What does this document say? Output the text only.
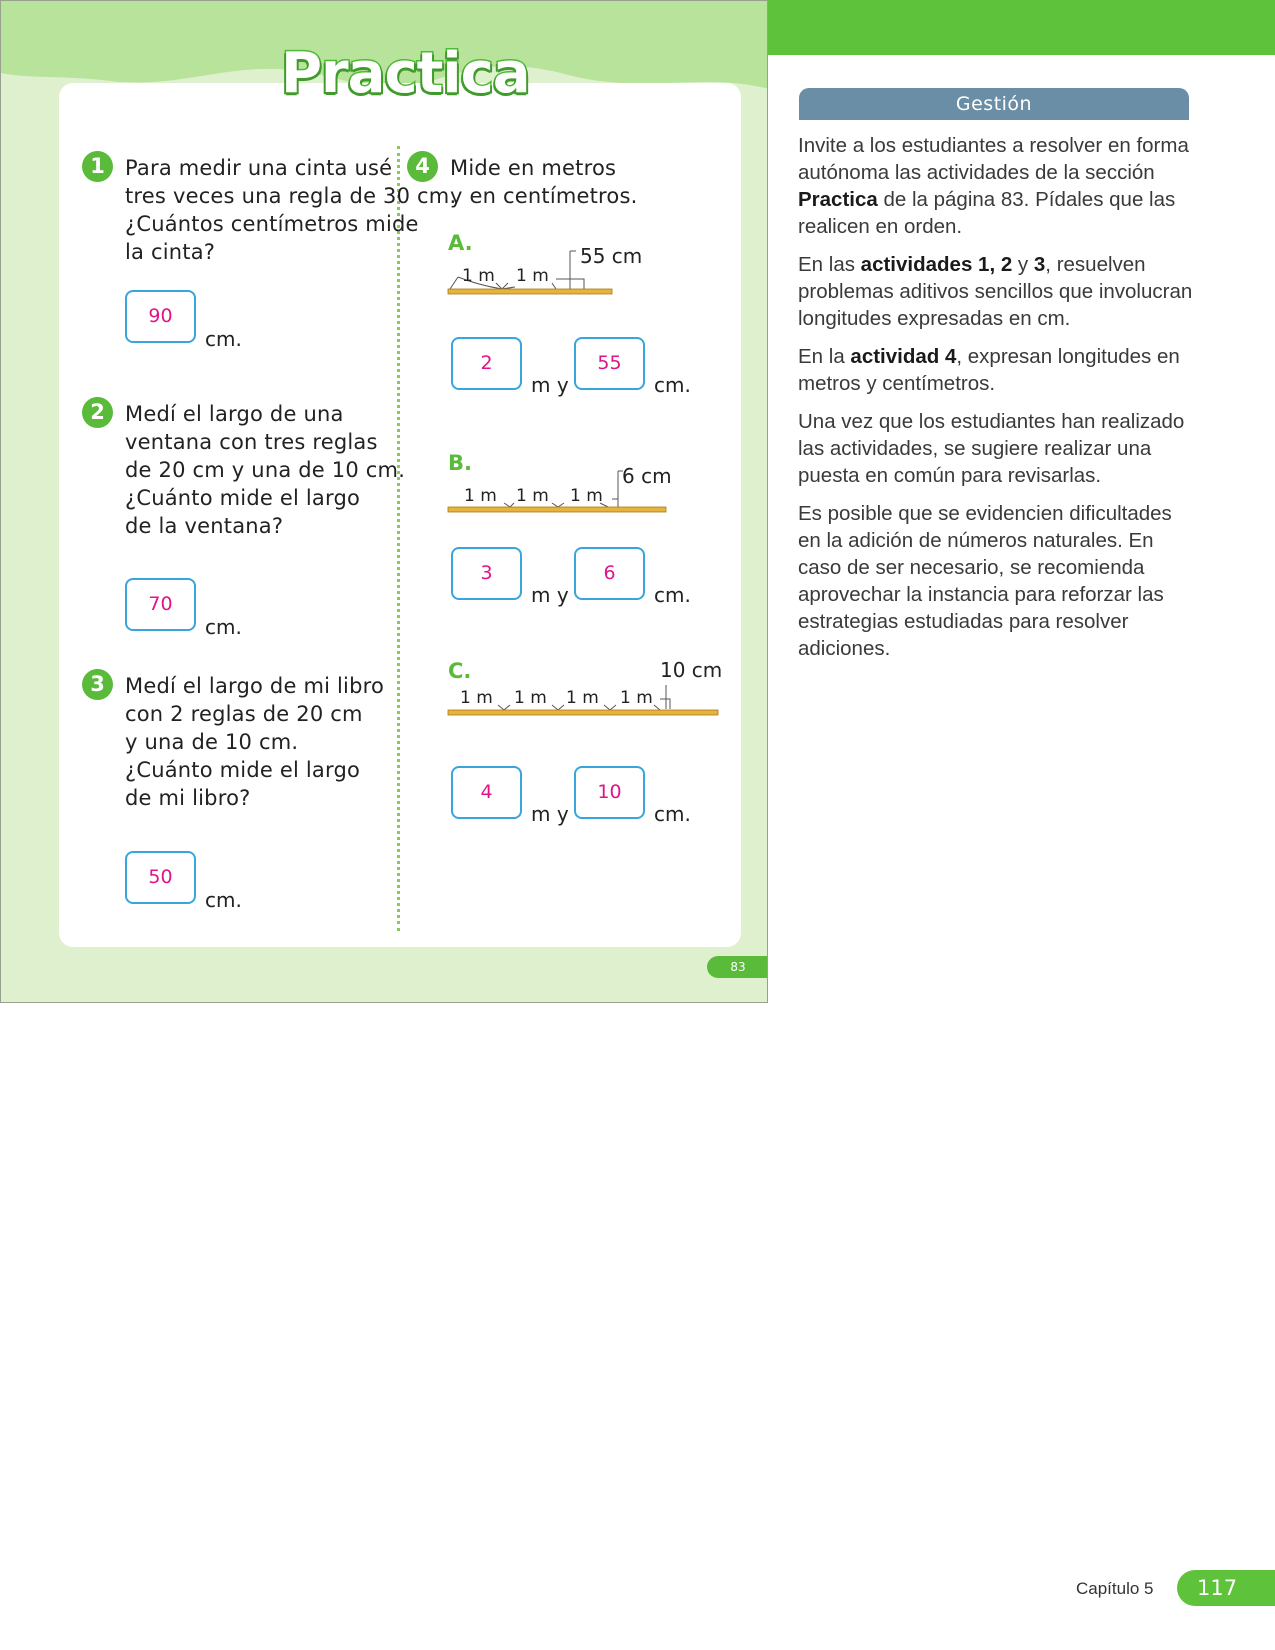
Practica
1 Para medir una cinta usé
tres veces una regla de 30 cm.
¿Cuántos centímetros mide
la cinta?
90
cm.
2 Medí el largo de una
ventana con tres reglas
de 20 cm y una de 10 cm.
¿Cuánto mide el largo
de la ventana?
70
cm.
3 Medí el largo de mi libro
con 2 reglas de 20 cm
y una de 10 cm.
¿Cuánto mide el largo
de mi libro?
50
cm.
4 Mide en metros
y en centímetros.
A.
55 cm
1 m 1 m
2
m y
55
cm.
B.
6 cm
1 m 1 m 1 m
3
m y
6
cm.
C.	10 cm
1 m 1 m 1 m 1 m
4
m y
10
cm.
83
Gestión

Invite a los estudiantes a resolver en forma autónoma las actividades de la sección Practica de la página 83. Pídales que las realicen en orden.

En las actividades 1, 2 y 3, resuelven problemas aditivos sencillos que involucran longitudes expresadas en cm.

En la actividad 4, expresan longitudes en metros y centímetros.

Una vez que los estudiantes han realizado las actividades, se sugiere realizar una puesta en común para revisarlas.

Es posible que se evidencien dificultades en la adición de números naturales. En caso de ser necesario, se recomienda aprovechar la instancia para reforzar las estrategias estudiadas para resolver adiciones.

Capítulo 5	117
